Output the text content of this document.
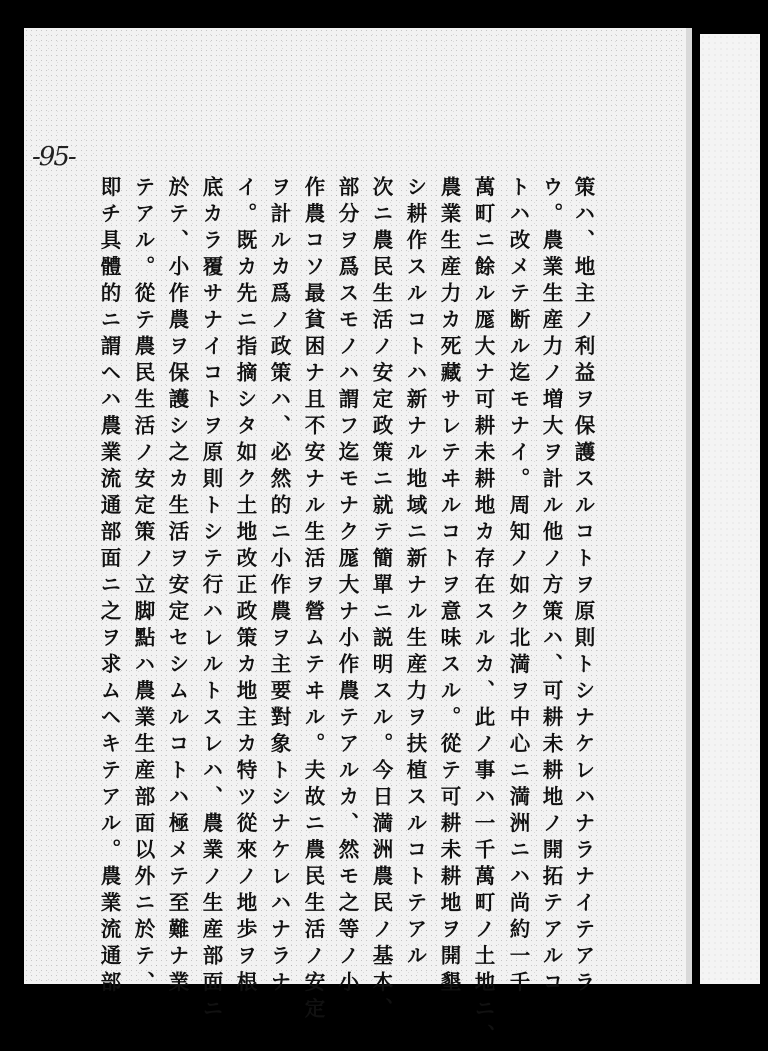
-95-
策ハ、地主ノ利益ヲ保護スルコトヲ原則トシナケレハナラナイテアラ
ウ。農業生産力ノ増大ヲ計ル他ノ方策ハ、可耕未耕地ノ開拓テアルコ
トハ改メテ断ル迄モナイ。周知ノ如ク北満ヲ中心ニ満洲ニハ尚約一千
萬町ニ餘ル厖大ナ可耕未耕地カ存在スルカ、此ノ事ハ一千萬町ノ土地ニ、
農業生産力カ死藏サレテヰルコトヲ意味スル。從テ可耕未耕地ヲ開墾
シ耕作スルコトハ新ナル地域ニ新ナル生産力ヲ扶植スルコトテアル
次ニ農民生活ノ安定政策ニ就テ簡單ニ説明スル。今日満洲農民ノ基本、
部分ヲ爲スモノハ謂フ迄モナク厖大ナ小作農テアルカ、然モ之等ノ小
作農コソ最貧困ナ且不安ナル生活ヲ營ムテヰル。夫故ニ農民生活ノ安定
ヲ計ルカ爲ノ政策ハ、必然的ニ小作農ヲ主要對象トシナケレハナラナ
イ。既カ先ニ指摘シタ如ク土地改正政策カ地主カ特ツ從來ノ地歩ヲ根
底カラ覆サナイコトヲ原則トシテ行ハレルトスレハ、農業ノ生産部面ニ
於テ、小作農ヲ保護シ之カ生活ヲ安定セシムルコトハ極メテ至難ナ業
テアル。從テ農民生活ノ安定策ノ立脚點ハ農業生産部面以外ニ於テ、
即チ具體的ニ謂ヘハ農業流通部面ニ之ヲ求ムヘキテアル。農業流通部
